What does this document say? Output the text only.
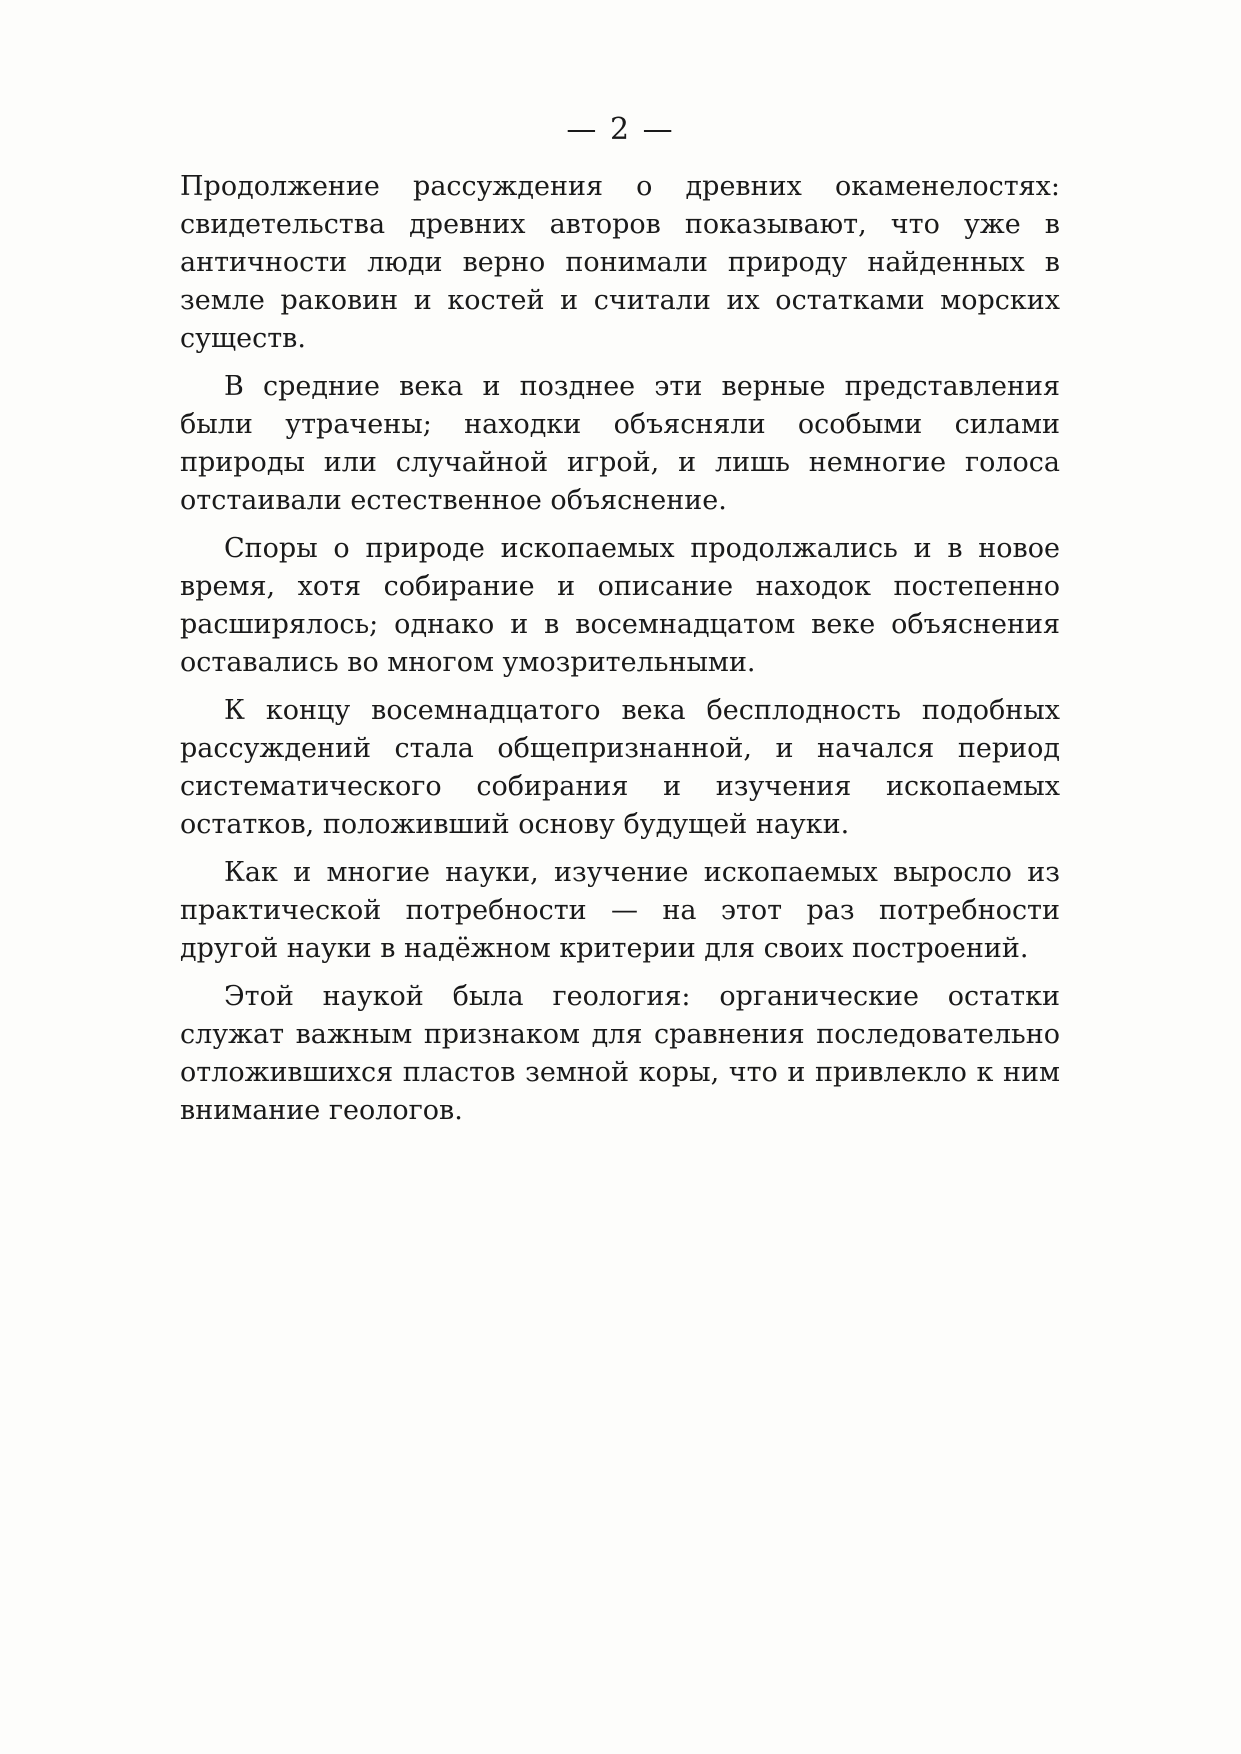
— 2 —

Продолжение рассуждения о древних окаменелостях: свидетельства древних авторов показывают, что уже в античности люди верно понимали природу найденных в земле раковин и костей и считали их остатками морских существ.

В средние века и позднее эти верные представления были утрачены; находки объясняли особыми силами природы или случайной игрой, и лишь немногие голоса отстаивали естественное объяснение.

Споры о природе ископаемых продолжались и в новое время, хотя собирание и описание находок постепенно расширялось; однако и в восемнадцатом веке объяснения оставались во многом умозрительными.

К концу восемнадцатого века бесплодность подобных рассуждений стала общепризнанной, и начался период систематического собирания и изучения ископаемых остатков, положивший основу будущей науки.

Как и многие науки, изучение ископаемых выросло из практической потребности — на этот раз потребности другой науки в надёжном критерии для своих построений.

Этой наукой была геология: органические остатки служат важным признаком для сравнения последовательно отложившихся пластов земной коры, что и привлекло к ним внимание геологов.
